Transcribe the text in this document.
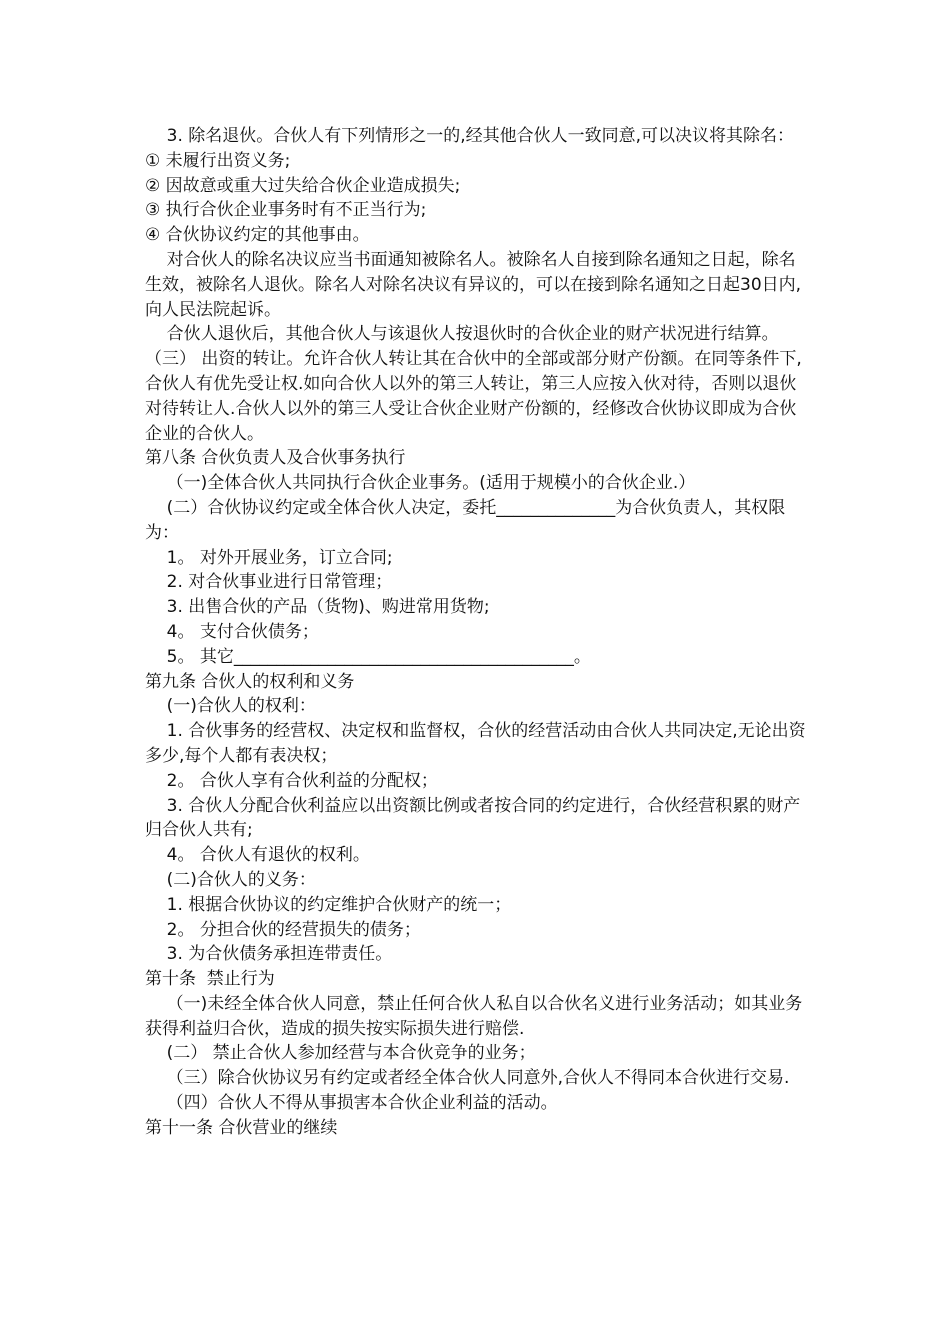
3. 除名退伙。合伙人有下列情形之一的,经其他合伙人一致同意,可以决议将其除名：

① 未履行出资义务;

② 因故意或重大过失给合伙企业造成损失;

③ 执行合伙企业事务时有不正当行为;

④ 合伙协议约定的其他事由。

对合伙人的除名决议应当书面通知被除名人。被除名人自接到除名通知之日起，除名生效，被除名人退伙。除名人对除名决议有异议的，可以在接到除名通知之日起30日内,向人民法院起诉。

合伙人退伙后，其他合伙人与该退伙人按退伙时的合伙企业的财产状况进行结算。

（三） 出资的转让。允许合伙人转让其在合伙中的全部或部分财产份额。在同等条件下,合伙人有优先受让权.如向合伙人以外的第三人转让，第三人应按入伙对待，否则以退伙对待转让人.合伙人以外的第三人受让合伙企业财产份额的，经修改合伙协议即成为合伙企业的合伙人。

第八条 合伙负责人及合伙事务执行

（一)全体合伙人共同执行合伙企业事务。(适用于规模小的合伙企业.）

(二）合伙协议约定或全体合伙人决定，委托______________为合伙负责人，其权限为：

1。 对外开展业务，订立合同;

2. 对合伙事业进行日常管理；

3. 出售合伙的产品（货物)、购进常用货物;

4。 支付合伙债务；

5。 其它________________________________________。

第九条 合伙人的权利和义务

(一)合伙人的权利：

1. 合伙事务的经营权、决定权和监督权，合伙的经营活动由合伙人共同决定,无论出资多少,每个人都有表决权；

2。 合伙人享有合伙利益的分配权；

3. 合伙人分配合伙利益应以出资额比例或者按合同的约定进行，合伙经营积累的财产归合伙人共有;

4。 合伙人有退伙的权利。

(二)合伙人的义务：

1. 根据合伙协议的约定维护合伙财产的统一；

2。 分担合伙的经营损失的债务；

3. 为合伙债务承担连带责任。

第十条  禁止行为

（一)未经全体合伙人同意，禁止任何合伙人私自以合伙名义进行业务活动；如其业务获得利益归合伙，造成的损失按实际损失进行赔偿.

(二） 禁止合伙人参加经营与本合伙竞争的业务；

（三）除合伙协议另有约定或者经全体合伙人同意外,合伙人不得同本合伙进行交易.

（四）合伙人不得从事损害本合伙企业利益的活动。

第十一条 合伙营业的继续
